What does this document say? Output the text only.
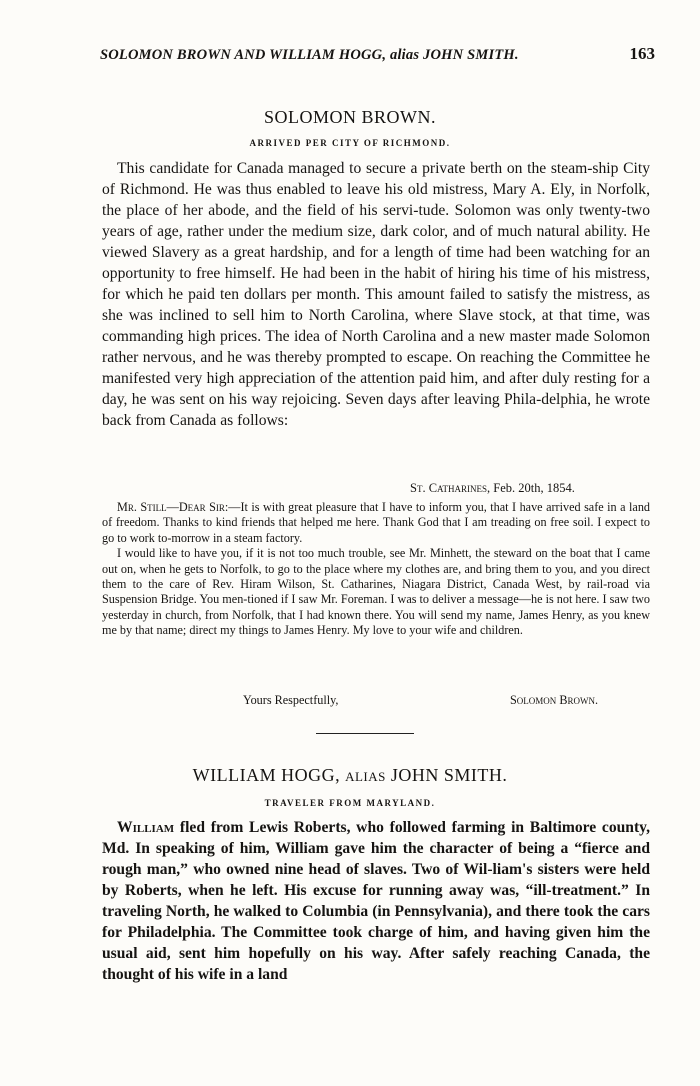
SOLOMON BROWN AND WILLIAM HOGG, alias JOHN SMITH.	163
SOLOMON BROWN.
ARRIVED PER CITY OF RICHMOND.

This candidate for Canada managed to secure a private berth on the steam-ship City of Richmond. He was thus enabled to leave his old mistress, Mary A. Ely, in Norfolk, the place of her abode, and the field of his servi-tude. Solomon was only twenty-two years of age, rather under the medium size, dark color, and of much natural ability. He viewed Slavery as a great hardship, and for a length of time had been watching for an opportunity to free himself. He had been in the habit of hiring his time of his mistress, for which he paid ten dollars per month. This amount failed to satisfy the mistress, as she was inclined to sell him to North Carolina, where Slave stock, at that time, was commanding high prices. The idea of North Carolina and a new master made Solomon rather nervous, and he was thereby prompted to escape. On reaching the Committee he manifested very high appreciation of the attention paid him, and after duly resting for a day, he was sent on his way rejoicing. Seven days after leaving Phila-delphia, he wrote back from Canada as follows:

St. Catharines, Feb. 20th, 1854.

Mr. Still—Dear Sir:—It is with great pleasure that I have to inform you, that I have arrived safe in a land of freedom. Thanks to kind friends that helped me here. Thank God that I am treading on free soil. I expect to go to work to-morrow in a steam factory.

I would like to have you, if it is not too much trouble, see Mr. Minhett, the steward on the boat that I came out on, when he gets to Norfolk, to go to the place where my clothes are, and bring them to you, and you direct them to the care of Rev. Hiram Wilson, St. Catharines, Niagara District, Canada West, by rail-road via Suspension Bridge. You men-tioned if I saw Mr. Foreman. I was to deliver a message—he is not here. I saw two yesterday in church, from Norfolk, that I had known there. You will send my name, James Henry, as you knew me by that name; direct my things to James Henry. My love to your wife and children.

Yours Respectfully,	Solomon Brown.
WILLIAM HOGG, alias JOHN SMITH.
TRAVELER FROM MARYLAND.

William fled from Lewis Roberts, who followed farming in Baltimore county, Md. In speaking of him, William gave him the character of being a “fierce and rough man,” who owned nine head of slaves. Two of Wil-liam's sisters were held by Roberts, when he left. His excuse for running away was, “ill-treatment.” In traveling North, he walked to Columbia (in Pennsylvania), and there took the cars for Philadelphia. The Committee took charge of him, and having given him the usual aid, sent him hopefully on his way. After safely reaching Canada, the thought of his wife in a land
